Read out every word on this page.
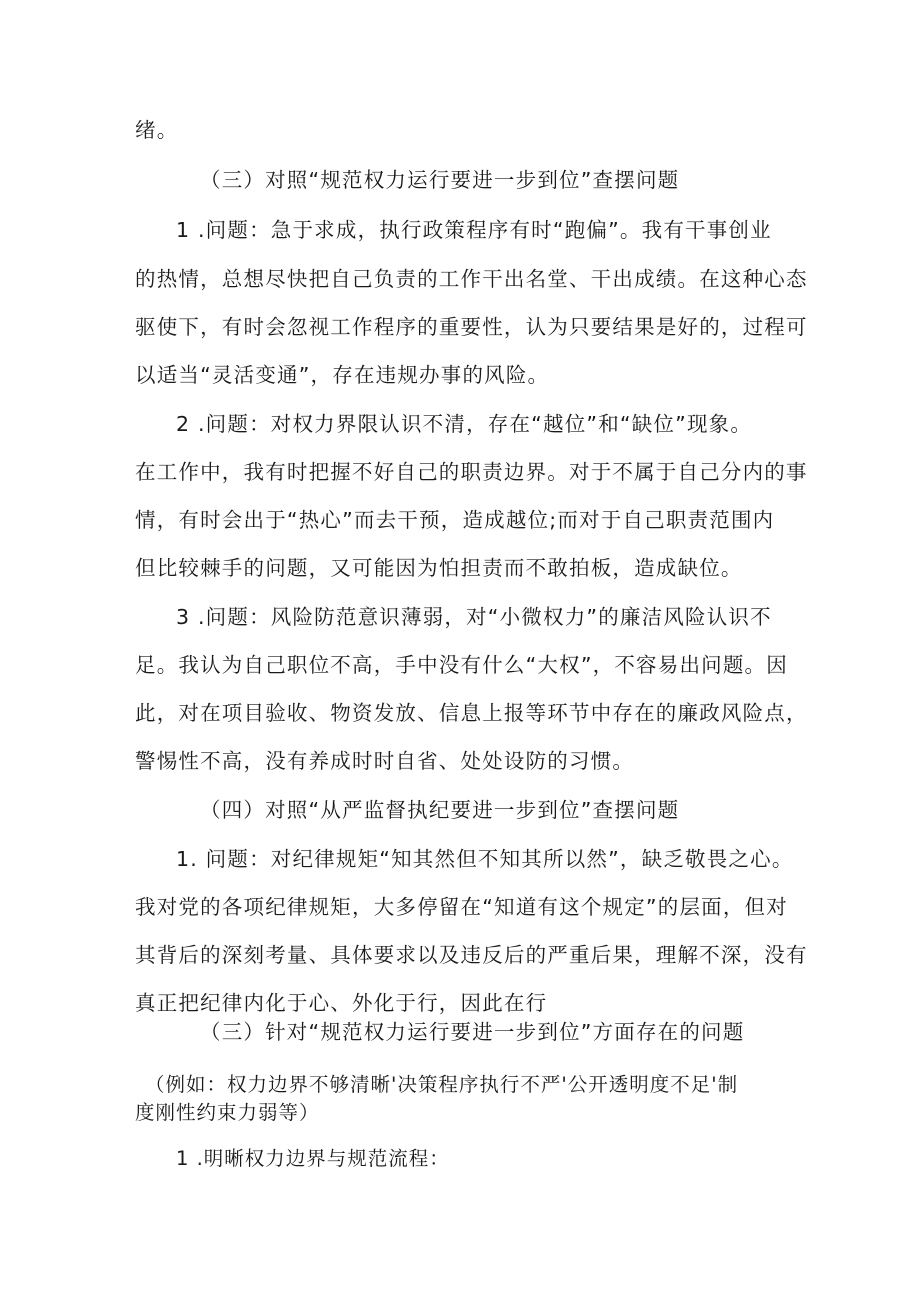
绪。
（三）对照“规范权力运行要进一步到位”查摆问题
1 .问题：急于求成，执行政策程序有时“跑偏”。我有干事创业
的热情，总想尽快把自己负责的工作干出名堂、干出成绩。在这种心态
驱使下，有时会忽视工作程序的重要性，认为只要结果是好的，过程可
以适当“灵活变通”，存在违规办事的风险。
2 .问题：对权力界限认识不清，存在“越位”和“缺位”现象。
在工作中，我有时把握不好自己的职责边界。对于不属于自己分内的事
情，有时会出于“热心”而去干预，造成越位;而对于自己职责范围内
但比较棘手的问题，又可能因为怕担责而不敢拍板，造成缺位。
3 .问题：风险防范意识薄弱，对“小微权力”的廉洁风险认识不
足。我认为自己职位不高，手中没有什么“大权”，不容易出问题。因
此，对在项目验收、物资发放、信息上报等环节中存在的廉政风险点，
警惕性不高，没有养成时时自省、处处设防的习惯。
（四）对照“从严监督执纪要进一步到位”查摆问题
1. 问题：对纪律规矩“知其然但不知其所以然”，缺乏敬畏之心。
我对党的各项纪律规矩，大多停留在“知道有这个规定”的层面，但对
其背后的深刻考量、具体要求以及违反后的严重后果，理解不深，没有
真正把纪律内化于心、外化于行，因此在行
（三）针对“规范权力运行要进一步到位”方面存在的问题
（例如：权力边界不够清晰'决策程序执行不严'公开透明度不足'制
度刚性约束力弱等）
1 .明晰权力边界与规范流程：
